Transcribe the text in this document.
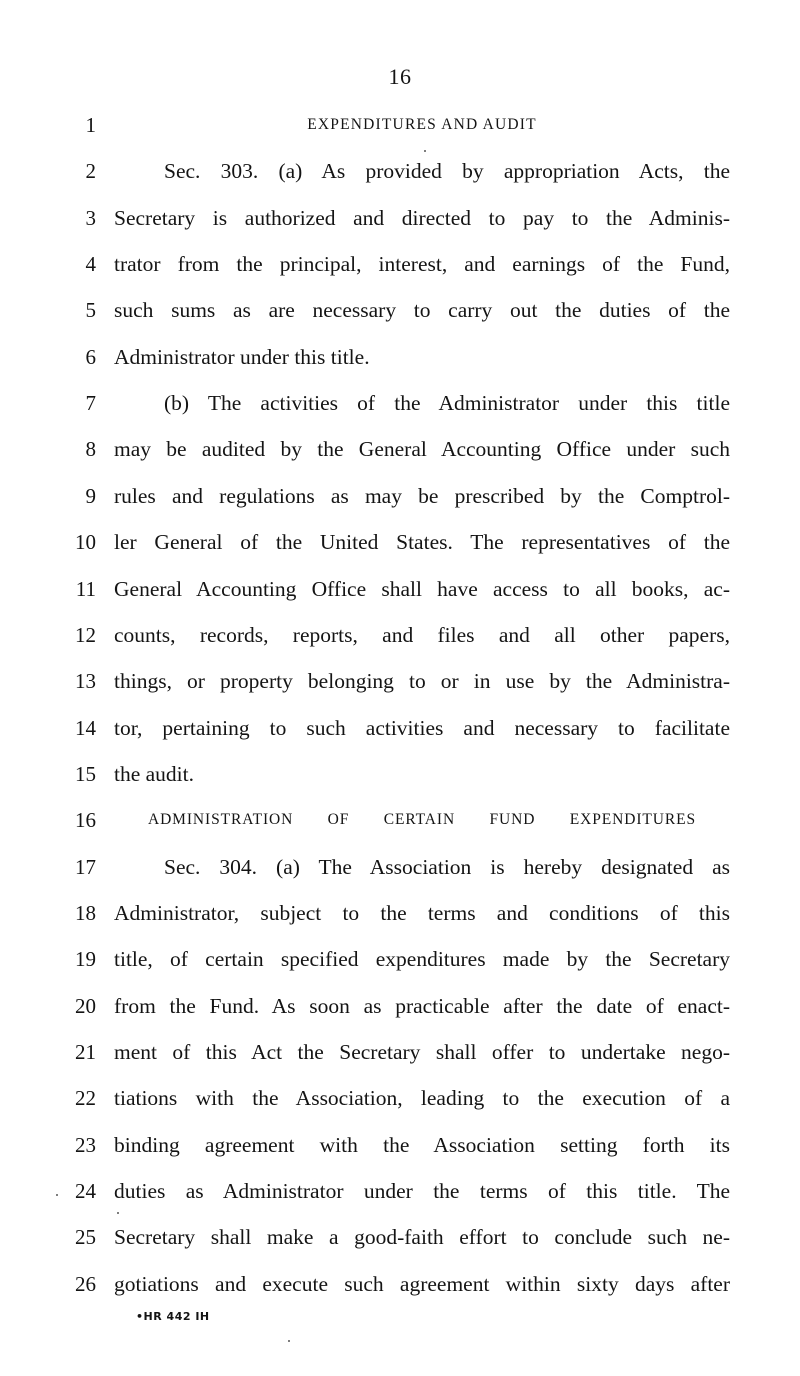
16
1	EXPENDITURES AND AUDIT
2	Sec. 303. (a) As provided by appropriation Acts, the
3 Secretary is authorized and directed to pay to the Adminis-
4 trator from the principal, interest, and earnings of the Fund,
5 such sums as are necessary to carry out the duties of the
6 Administrator under this title.
7	(b) The activities of the Administrator under this title
8 may be audited by the General Accounting Office under such
9 rules and regulations as may be prescribed by the Comptrol-
10 ler General of the United States. The representatives of the
11 General Accounting Office shall have access to all books, ac-
12 counts, records, reports, and files and all other papers,
13 things, or property belonging to or in use by the Administra-
14 tor, pertaining to such activities and necessary to facilitate
15 the audit.
16	ADMINISTRATION OF CERTAIN FUND EXPENDITURES
17	Sec. 304. (a) The Association is hereby designated as
18 Administrator, subject to the terms and conditions of this
19 title, of certain specified expenditures made by the Secretary
20 from the Fund. As soon as practicable after the date of enact-
21 ment of this Act the Secretary shall offer to undertake nego-
22 tiations with the Association, leading to the execution of a
23 binding agreement with the Association setting forth its
24 duties as Administrator under the terms of this title. The
25 Secretary shall make a good-faith effort to conclude such ne-
26 gotiations and execute such agreement within sixty days after
•HR 442 IH
